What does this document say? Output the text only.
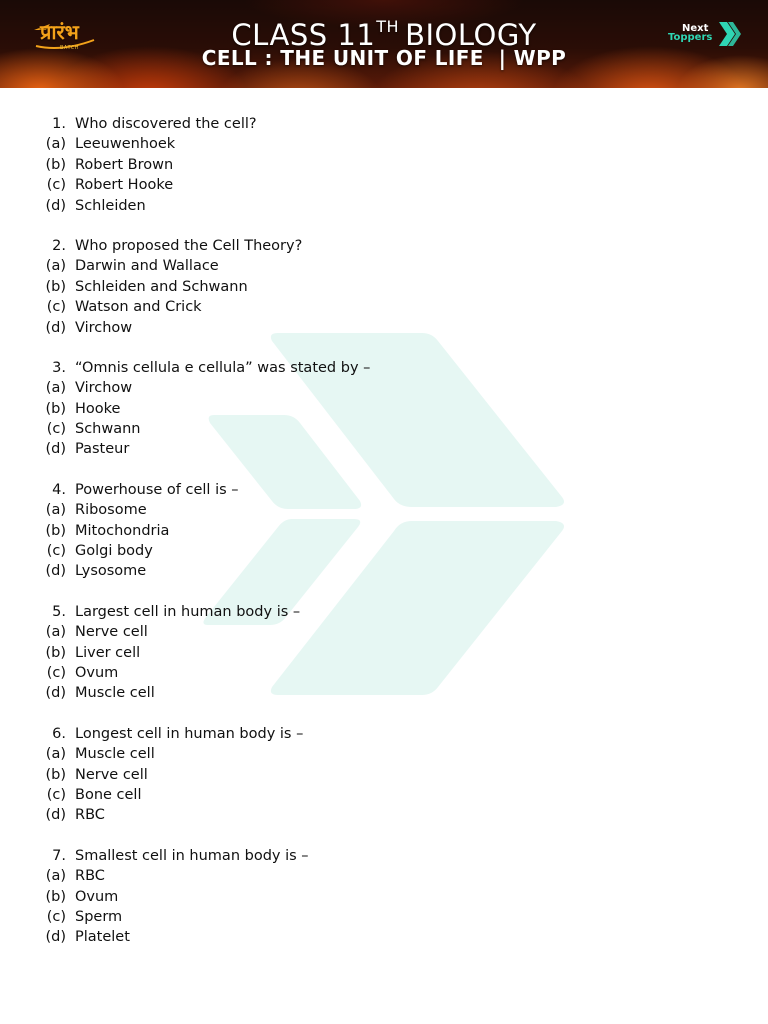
प्रारंभ
BATCH	CLASS 11TH BIOLOGY
CELL : THE UNIT OF LIFE  | WPP
Next
Toppers
1. Who discovered the cell?
(a) Leeuwenhoek
(b) Robert Brown
(c) Robert Hooke
(d) Schleiden
2. Who proposed the Cell Theory?
(a) Darwin and Wallace
(b) Schleiden and Schwann
(c) Watson and Crick
(d) Virchow
3. “Omnis cellula e cellula” was stated by –
(a) Virchow
(b) Hooke
(c) Schwann
(d) Pasteur
4. Powerhouse of cell is –
(a) Ribosome
(b) Mitochondria
(c) Golgi body
(d) Lysosome
5. Largest cell in human body is –
(a) Nerve cell
(b) Liver cell
(c) Ovum
(d) Muscle cell
6. Longest cell in human body is –
(a) Muscle cell
(b) Nerve cell
(c) Bone cell
(d) RBC
7. Smallest cell in human body is –
(a) RBC
(b) Ovum
(c) Sperm
(d) Platelet
